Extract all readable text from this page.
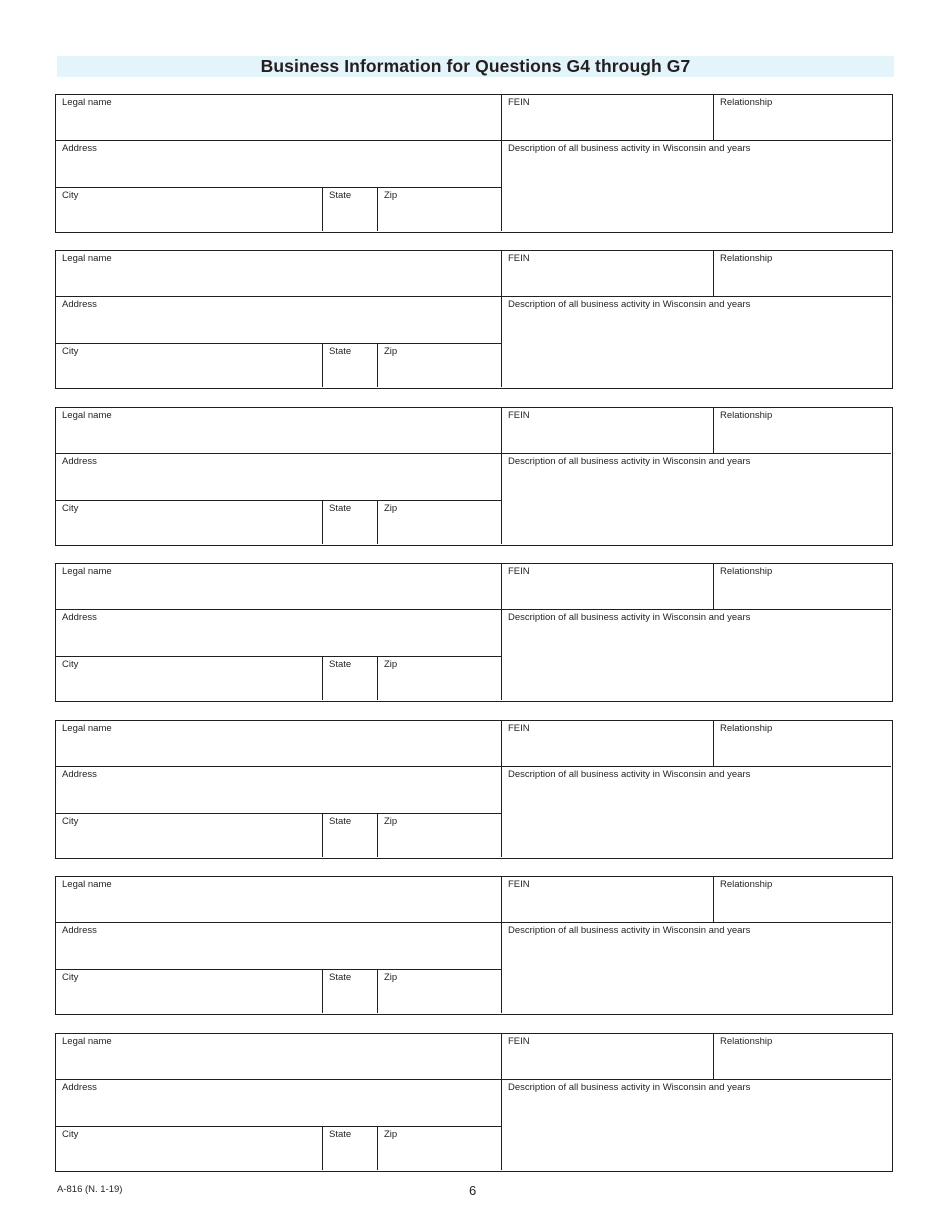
Business Information for Questions G4 through G7
Legal name	FEIN	Relationship
Address	Description of all business activity in Wisconsin and years
City	State	Zip
Legal name	FEIN	Relationship
Address	Description of all business activity in Wisconsin and years
City	State	Zip
Legal name	FEIN	Relationship
Address	Description of all business activity in Wisconsin and years
City	State	Zip
Legal name	FEIN	Relationship
Address	Description of all business activity in Wisconsin and years
City	State	Zip
Legal name	FEIN	Relationship
Address	Description of all business activity in Wisconsin and years
City	State	Zip
Legal name	FEIN	Relationship
Address	Description of all business activity in Wisconsin and years
City	State	Zip
Legal name	FEIN	Relationship
Address	Description of all business activity in Wisconsin and years
City	State	Zip
A-816 (N. 1-19)	6
